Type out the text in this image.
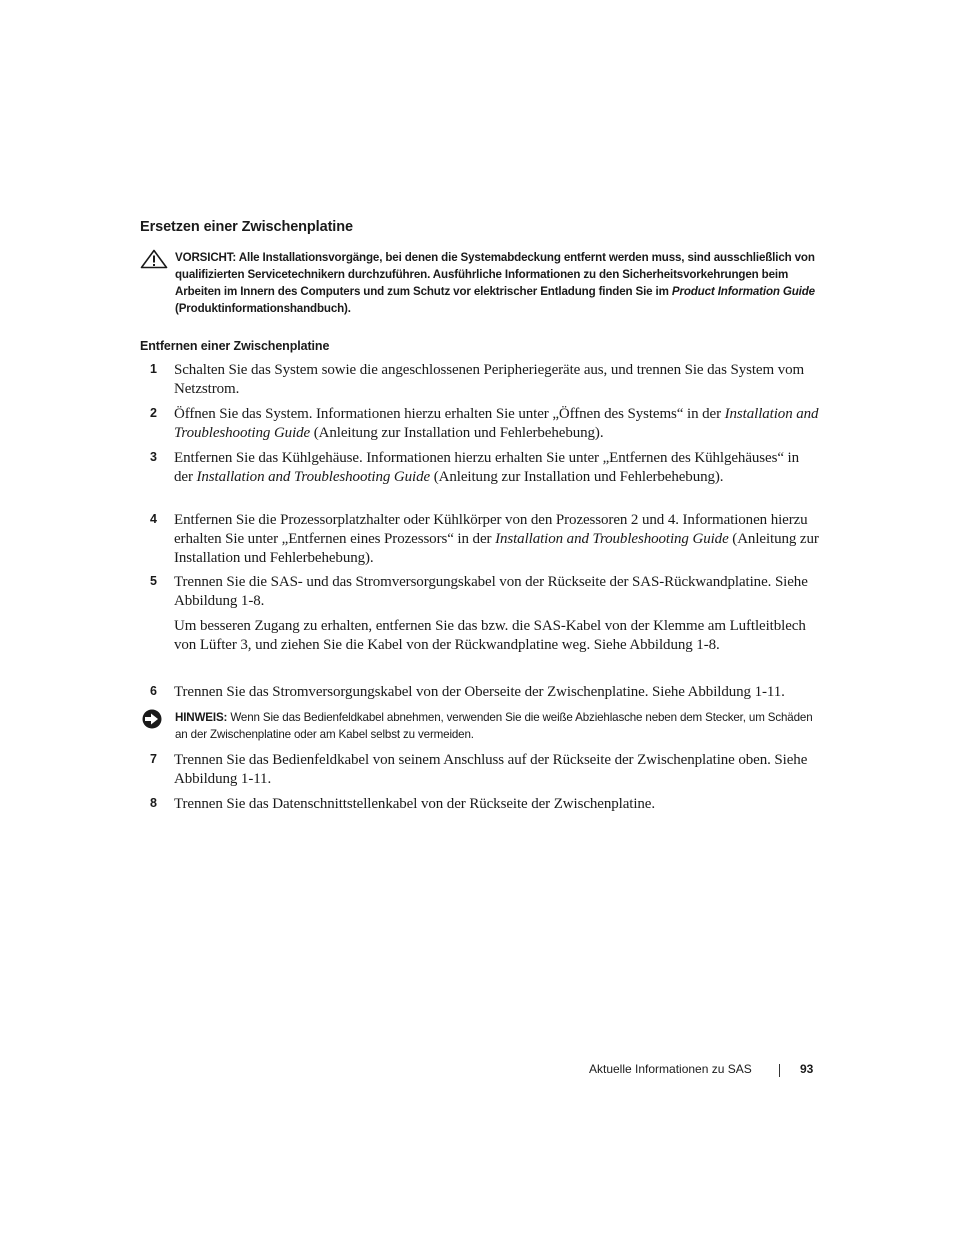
Ersetzen einer Zwischenplatine
VORSICHT: Alle Installationsvorgänge, bei denen die Systemabdeckung entfernt werden muss, sind ausschließlich von qualifizierten Servicetechnikern durchzuführen. Ausführliche Informationen zu den Sicherheitsvorkehrungen beim Arbeiten im Innern des Computers und zum Schutz vor elektrischer Entladung finden Sie im Product Information Guide (Produktinformationshandbuch).
Entfernen einer Zwischenplatine
1 Schalten Sie das System sowie die angeschlossenen Peripheriegeräte aus, und trennen Sie das System vom Netzstrom.
2 Öffnen Sie das System. Informationen hierzu erhalten Sie unter „Öffnen des Systems“ in der Installation and Troubleshooting Guide (Anleitung zur Installation und Fehlerbehebung).
3 Entfernen Sie das Kühlgehäuse. Informationen hierzu erhalten Sie unter „Entfernen des Kühlgehäuses“ in der Installation and Troubleshooting Guide (Anleitung zur Installation und Fehlerbehebung).
4 Entfernen Sie die Prozessorplatzhalter oder Kühlkörper von den Prozessoren 2 und 4. Informationen hierzu erhalten Sie unter „Entfernen eines Prozessors“ in der Installation and Troubleshooting Guide (Anleitung zur Installation und Fehlerbehebung).
5 Trennen Sie die SAS- und das Stromversorgungskabel von der Rückseite der SAS-Rückwandplatine. Siehe Abbildung 1-8.
Um besseren Zugang zu erhalten, entfernen Sie das bzw. die SAS-Kabel von der Klemme am Luftleitblech von Lüfter 3, und ziehen Sie die Kabel von der Rückwandplatine weg. Siehe Abbildung 1-8.
6 Trennen Sie das Stromversorgungskabel von der Oberseite der Zwischenplatine. Siehe Abbildung 1-11.
HINWEIS: Wenn Sie das Bedienfeldkabel abnehmen, verwenden Sie die weiße Abziehlasche neben dem Stecker, um Schäden an der Zwischenplatine oder am Kabel selbst zu vermeiden.
7 Trennen Sie das Bedienfeldkabel von seinem Anschluss auf der Rückseite der Zwischenplatine oben. Siehe Abbildung 1-11.
8 Trennen Sie das Datenschnittstellenkabel von der Rückseite der Zwischenplatine.
Aktuelle Informationen zu SAS	93
